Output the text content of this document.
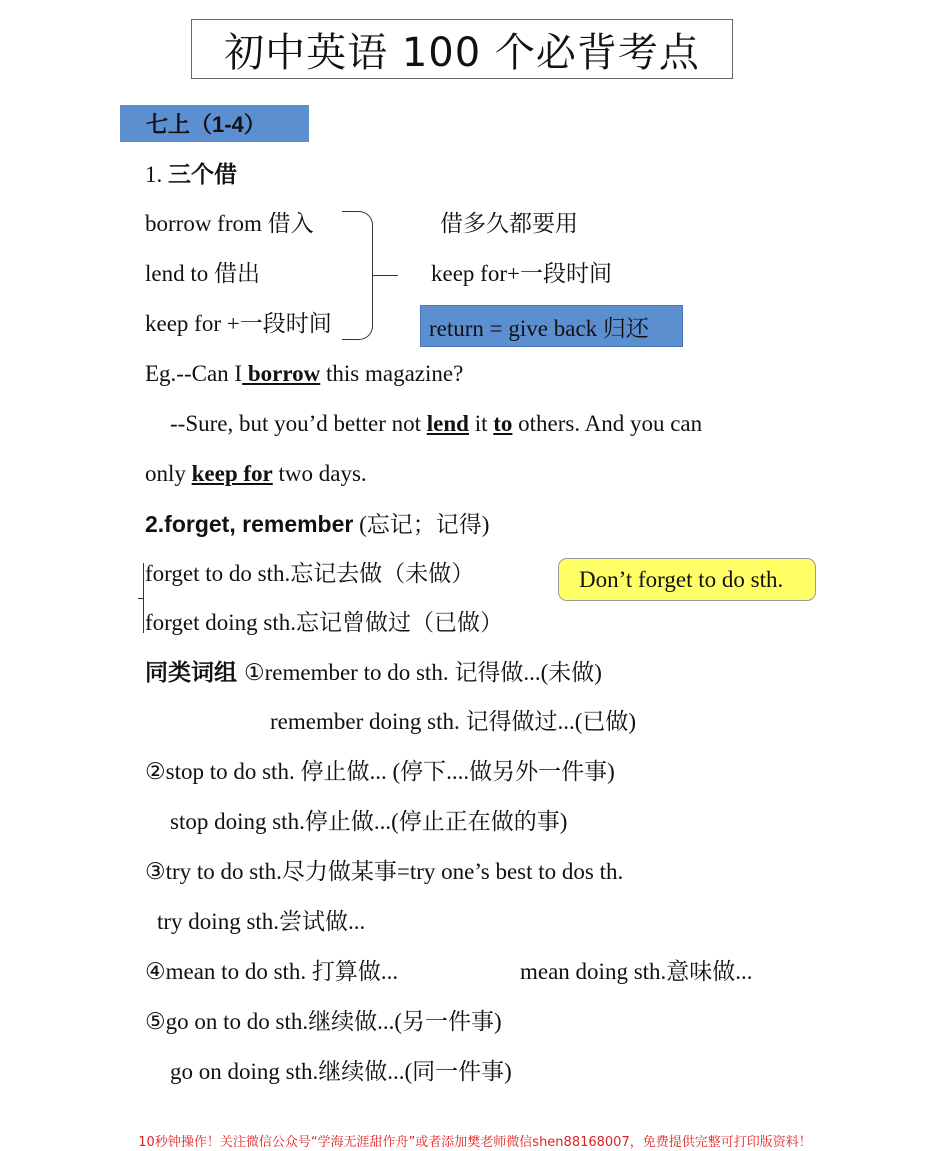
初中英语 100 个必背考点
七上（1-4）
1. 三个借
borrow from 借入
lend to 借出
keep for +一段时间
借多久都要用
keep for+一段时间
return = give back 归还
Eg.--Can I borrow this magazine?
--Sure, but you’d better not lend it to others. And you can
only keep for two days.
2.forget, remember (忘记；记得)
forget to do sth.忘记去做（未做）
forget doing sth.忘记曾做过（已做）
Don’t forget to do sth.
同类词组 ①remember to do sth. 记得做...(未做)
remember doing sth. 记得做过...(已做)
②stop to do sth. 停止做... (停下....做另外一件事)
stop doing sth.停止做...(停止正在做的事)
③try to do sth.尽力做某事=try one’s best to dos th.
try doing sth.尝试做...
④mean to do sth. 打算做...	mean doing sth.意味做...
⑤go on to do sth.继续做...(另一件事)
go on doing sth.继续做...(同一件事)
10秒钟操作！关注微信公众号“学海无涯甜作舟”或者添加樊老师微信shen88168007，免费提供完整可打印版资料！
